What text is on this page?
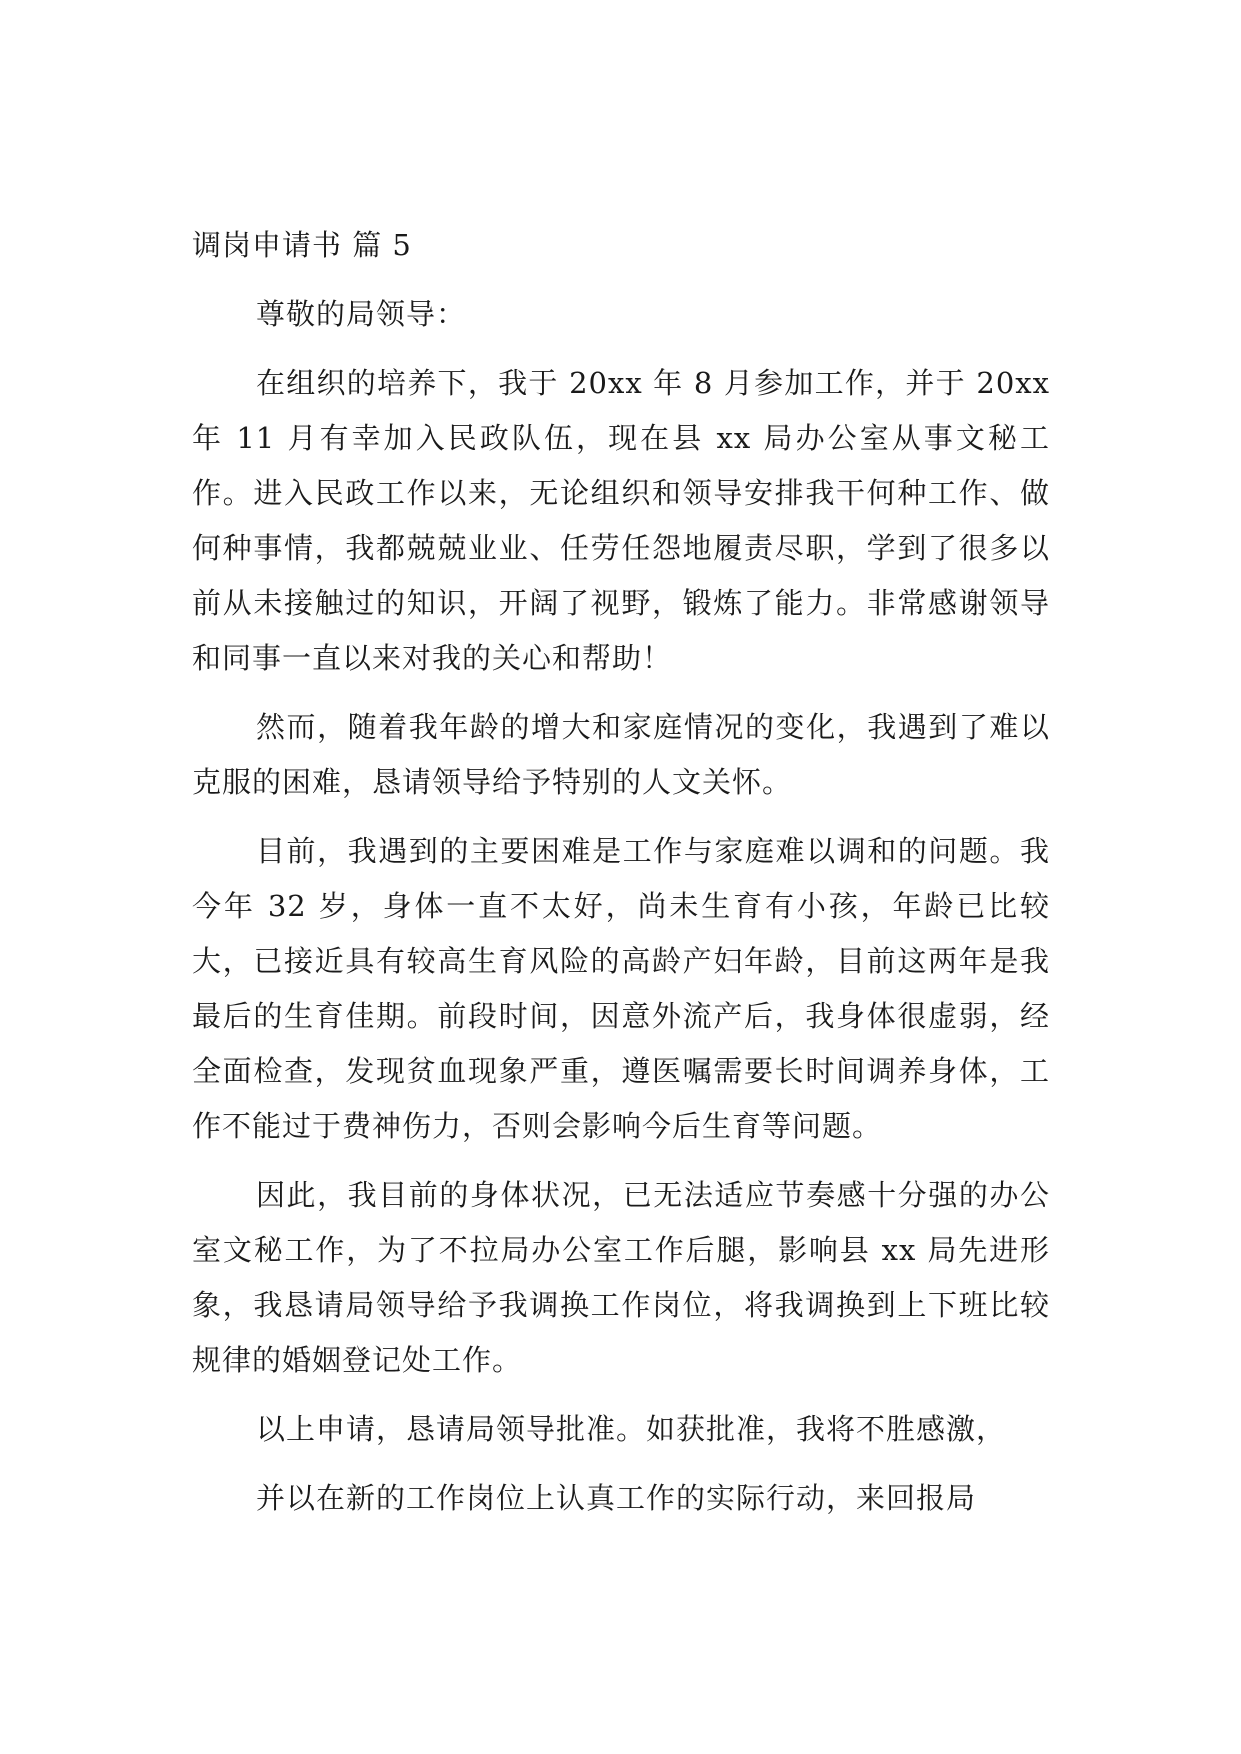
调岗申请书 篇 5

尊敬的局领导：

在组织的培养下，我于 20xx 年 8 月参加工作，并于 20xx 年 11 月有幸加入民政队伍，现在县 xx 局办公室从事文秘工作。进入民政工作以来，无论组织和领导安排我干何种工作、做何种事情，我都兢兢业业、任劳任怨地履责尽职，学到了很多以前从未接触过的知识，开阔了视野，锻炼了能力。非常感谢领导和同事一直以来对我的关心和帮助！

然而，随着我年龄的增大和家庭情况的变化，我遇到了难以克服的困难，恳请领导给予特别的人文关怀。

目前，我遇到的主要困难是工作与家庭难以调和的问题。我今年 32 岁，身体一直不太好，尚未生育有小孩，年龄已比较大，已接近具有较高生育风险的高龄产妇年龄，目前这两年是我最后的生育佳期。前段时间，因意外流产后，我身体很虚弱，经全面检查，发现贫血现象严重，遵医嘱需要长时间调养身体，工作不能过于费神伤力，否则会影响今后生育等问题。

因此，我目前的身体状况，已无法适应节奏感十分强的办公室文秘工作，为了不拉局办公室工作后腿，影响县 xx 局先进形象，我恳请局领导给予我调换工作岗位，将我调换到上下班比较规律的婚姻登记处工作。

以上申请，恳请局领导批准。如获批准，我将不胜感激，

并以在新的工作岗位上认真工作的实际行动，来回报局
